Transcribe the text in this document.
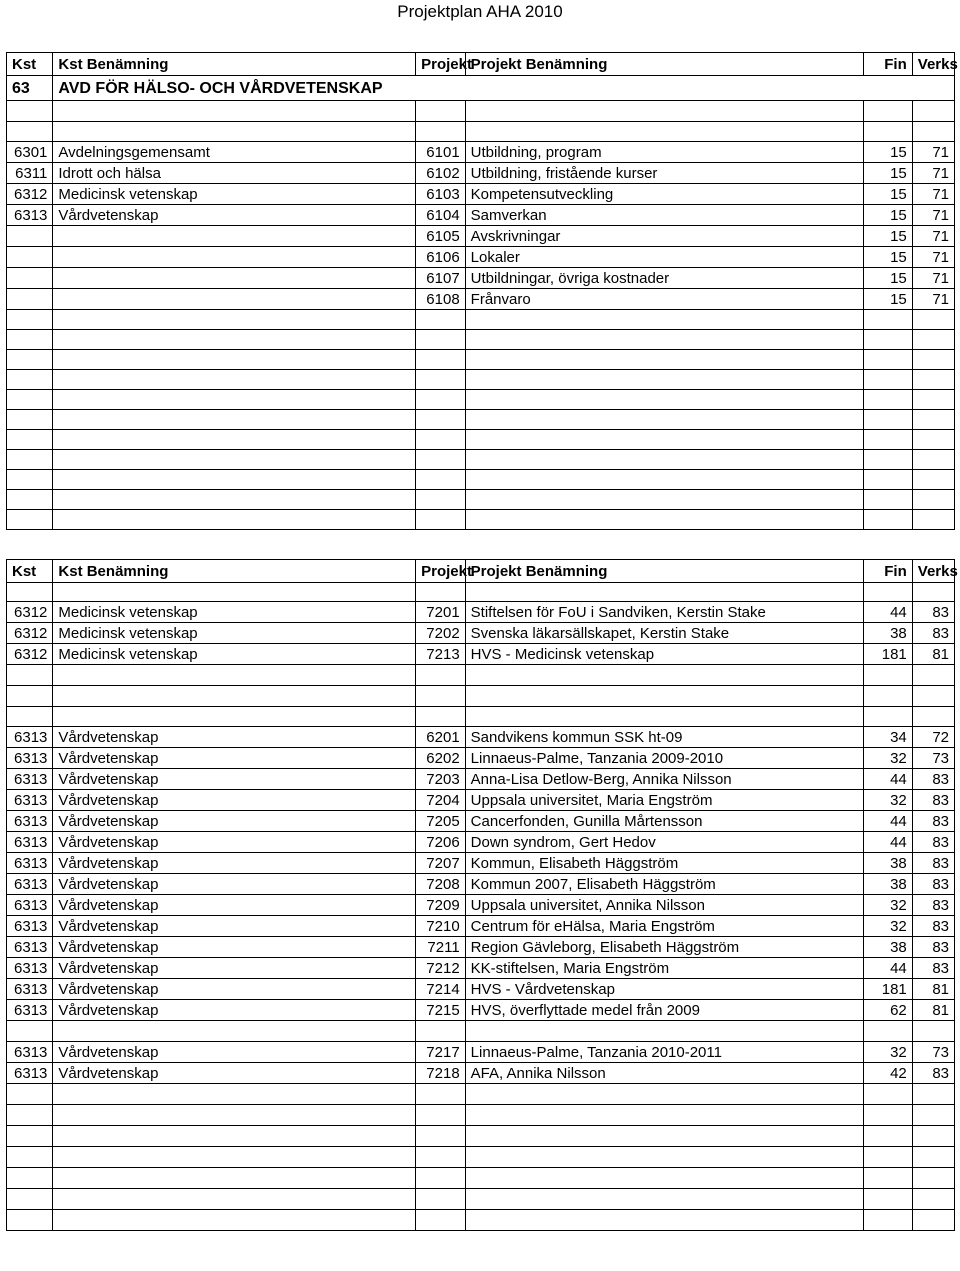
Projektplan AHA 2010
Kst	Kst Benämning	Projekt	Projekt Benämning	Fin	Verks
63	AVD FÖR HÄLSO- OCH VÅRDVETENSKAP				

6301	Avdelningsgemensamt	6101	Utbildning, program	15	71
6311	Idrott och hälsa	6102	Utbildning, fristående kurser	15	71
6312	Medicinsk vetenskap	6103	Kompetensutveckling	15	71
6313	Vårdvetenskap	6104	Samverkan	15	71
		6105	Avskrivningar	15	71
		6106	Lokaler	15	71
		6107	Utbildningar, övriga kostnader	15	71
		6108	Frånvaro	15	71

Kst	Kst Benämning	Projekt	Projekt Benämning	Fin	Verks

6312	Medicinsk vetenskap	7201	Stiftelsen för FoU i Sandviken, Kerstin Stake	44	83
6312	Medicinsk vetenskap	7202	Svenska läkarsällskapet, Kerstin Stake	38	83
6312	Medicinsk vetenskap	7213	HVS - Medicinsk vetenskap	181	81

6313	Vårdvetenskap	6201	Sandvikens kommun SSK ht-09	34	72
6313	Vårdvetenskap	6202	Linnaeus-Palme, Tanzania 2009-2010	32	73
6313	Vårdvetenskap	7203	Anna-Lisa Detlow-Berg, Annika Nilsson	44	83
6313	Vårdvetenskap	7204	Uppsala universitet, Maria Engström	32	83
6313	Vårdvetenskap	7205	Cancerfonden, Gunilla Mårtensson	44	83
6313	Vårdvetenskap	7206	Down syndrom, Gert Hedov	44	83
6313	Vårdvetenskap	7207	Kommun, Elisabeth Häggström	38	83
6313	Vårdvetenskap	7208	Kommun 2007, Elisabeth Häggström	38	83
6313	Vårdvetenskap	7209	Uppsala universitet, Annika Nilsson	32	83
6313	Vårdvetenskap	7210	Centrum för eHälsa, Maria Engström	32	83
6313	Vårdvetenskap	7211	Region Gävleborg, Elisabeth Häggström	38	83
6313	Vårdvetenskap	7212	KK-stiftelsen, Maria Engström	44	83
6313	Vårdvetenskap	7214	HVS - Vårdvetenskap	181	81
6313	Vårdvetenskap	7215	HVS, överflyttade medel från 2009	62	81

6313	Vårdvetenskap	7217	Linnaeus-Palme, Tanzania 2010-2011	32	73
6313	Vårdvetenskap	7218	AFA, Annika Nilsson	42	83
